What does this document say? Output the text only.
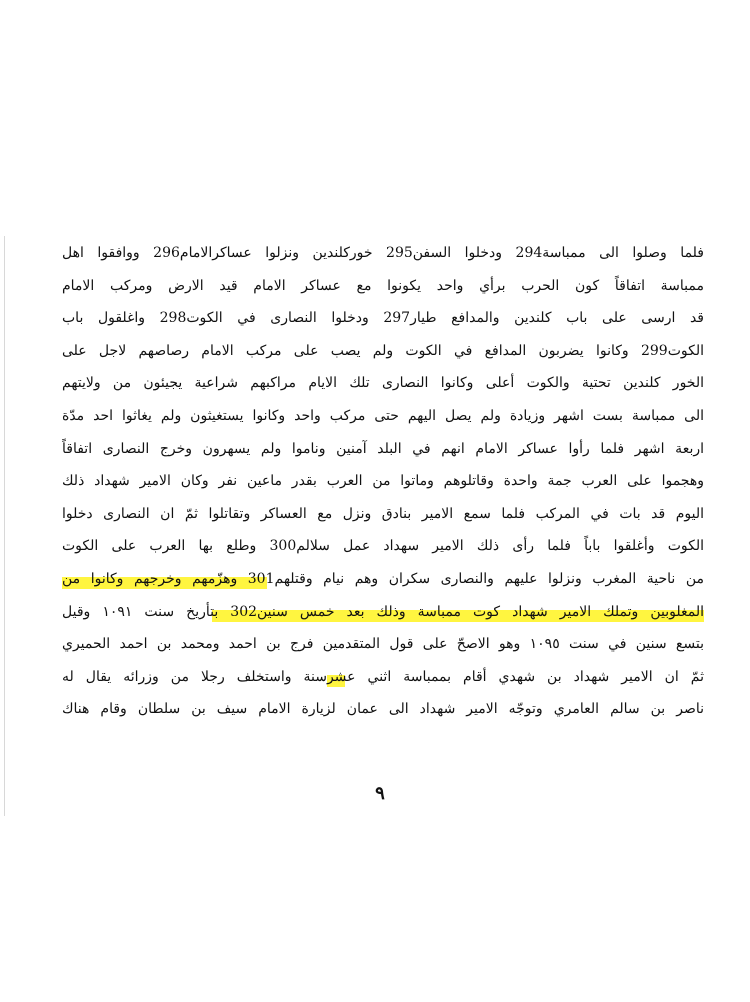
فلما وصلوا الى ممباسة294 ودخلوا السفن295 خوركلندين ونزلوا عساكرالامام296 ووافقوا اهل
ممباسة اتفاقاً كون الحرب برأي واحد يكونوا مع عساكر الامام قيد الارض ومركب الامام
قد ارسى على باب كلندين والمدافع طيار297 ودخلوا النصارى في الكوت298 واغلقول باب
الكوت299 وكانوا يضربون المدافع في الكوت ولم يصب على مركب الامام رصاصهم لاجل على
الخور كلندين تحتية والكوت أعلى وكانوا النصارى تلك الايام مراكبهم شراعية يجيئون من ولايتهم
الى ممباسة بست اشهر وزيادة ولم يصل اليهم حتى مركب واحد وكانوا يستغيثون ولم يغاثوا احد مدّة
اربعة اشهر فلما رأوا عساكر الامام انهم في البلد آمنين وناموا ولم يسهرون وخرج النصارى اتفاقاً
وهجموا على العرب جمة واحدة وقاتلوهم وماتوا من العرب بقدر ماعين نفر وكان الامير شهداد ذلك
اليوم قد بات في المركب فلما سمع الامير بنادق ونزل مع العساكر وتقاتلوا ثمّ ان النصارى دخلوا
الكوت وأغلقوا باباً فلما رأى ذلك الامير سهداد عمل سلالم300 وطلع بها العرب على الكوت
من ناحية المغرب ونزلوا عليهم والنصارى سكران وهم نيام وقتلهم301 وهزّمهم وخرجهم وكانوا من
المغلوبين وتملك الامير شهداد كوت ممباسة وذلك بعد خمس سنين302 بتأريخ سنت ١٠٩١ وقيل
بتسع سنين في سنت ١٠٩٥ وهو الاصحّ على قول المتقدمين فرج بن احمد ومحمد بن احمد الحميري
ثمّ ان الامير شهداد بن شهدي أقام بممباسة اثني عشرسنة واستخلف رجلا من وزرائه يقال له
ناصر بن سالم العامري وتوجّه الامير شهداد الى عمان لزيارة الامام سيف بن سلطان وقام هناك
٩
